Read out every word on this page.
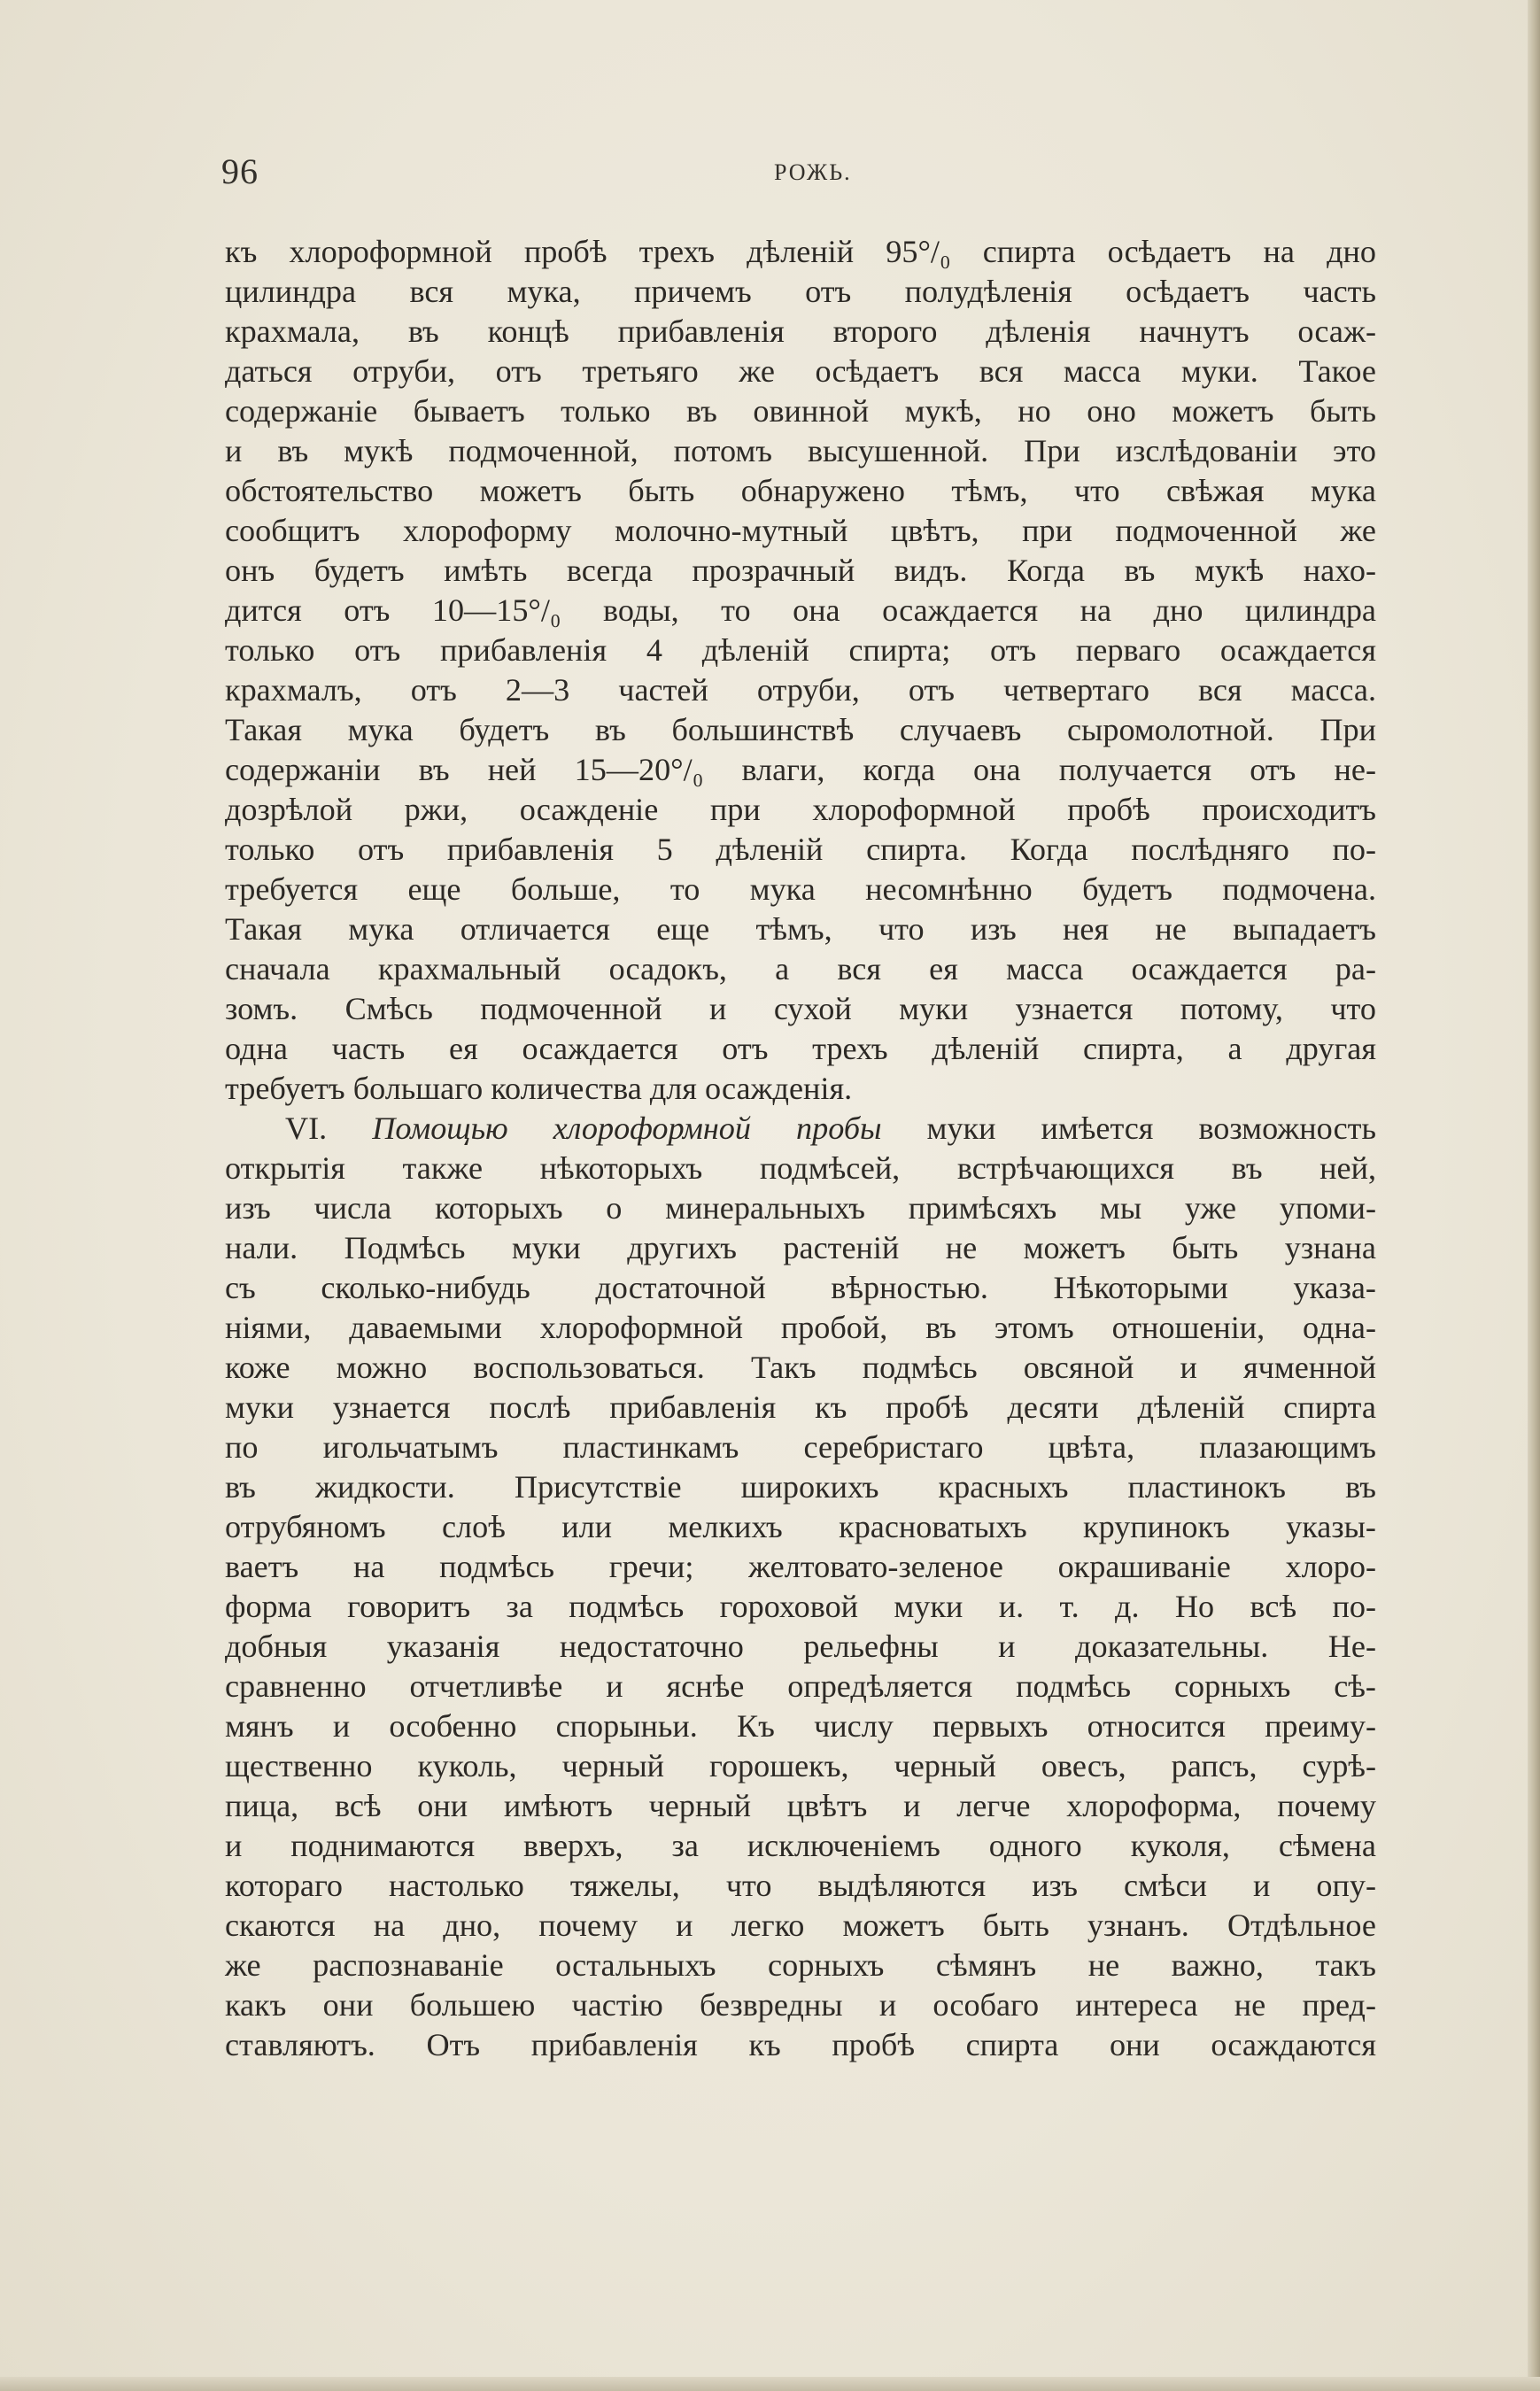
96	РОЖЬ.
къ хлороформной пробѣ трехъ дѣленій 95°/₀ спирта осѣдаетъ на дно
цилиндра вся мука, причемъ отъ полудѣленія осѣдаетъ часть
крахмала, въ концѣ прибавленія второго дѣленія начнутъ осаж-
даться отруби, отъ третьяго же осѣдаетъ вся масса муки. Такое
содержаніе бываетъ только въ овинной мукѣ, но оно можетъ быть
и въ мукѣ подмоченной, потомъ высушенной. При изслѣдованіи это
обстоятельство можетъ быть обнаружено тѣмъ, что свѣжая мука
сообщитъ хлороформу молочно-мутный цвѣтъ, при подмоченной же
онъ будетъ имѣть всегда прозрачный видъ. Когда въ мукѣ нахо-
дится отъ 10—15°/₀ воды, то она осаждается на дно цилиндра
только отъ прибавленія 4 дѣленій спирта; отъ перваго осаждается
крахмалъ, отъ 2—3 частей отруби, отъ четвертаго вся масса.
Такая мука будетъ въ большинствѣ случаевъ сыромолотной. При
содержаніи въ ней 15—20°/₀ влаги, когда она получается отъ не-
дозрѣлой ржи, осажденіе при хлороформной пробѣ происходитъ
только отъ прибавленія 5 дѣленій спирта. Когда послѣдняго по-
требуется еще больше, то мука несомнѣнно будетъ подмочена.
Такая мука отличается еще тѣмъ, что изъ нея не выпадаетъ
сначала крахмальный осадокъ, а вся ея масса осаждается ра-
зомъ. Смѣсь подмоченной и сухой муки узнается потому, что
одна часть ея осаждается отъ трехъ дѣленій спирта, а другая
требуетъ большаго количества для осажденія.
VI. Помощью хлороформной пробы муки имѣется возможность
открытія также нѣкоторыхъ подмѣсей, встрѣчающихся въ ней,
изъ числа которыхъ о минеральныхъ примѣсяхъ мы уже упоми-
нали. Подмѣсь муки другихъ растеній не можетъ быть узнана
съ сколько-нибудь достаточной вѣрностью. Нѣкоторыми указа-
ніями, даваемыми хлороформной пробой, въ этомъ отношеніи, одна-
коже можно воспользоваться. Такъ подмѣсь овсяной и ячменной
муки узнается послѣ прибавленія къ пробѣ десяти дѣленій спирта
по игольчатымъ пластинкамъ серебристаго цвѣта, плазающимъ
въ жидкости. Присутствіе широкихъ красныхъ пластинокъ въ
отрубяномъ слоѣ или мелкихъ красноватыхъ крупинокъ указы-
ваетъ на подмѣсь гречи; желтовато-зеленое окрашиваніе хлоро-
форма говоритъ за подмѣсь гороховой муки и. т. д. Но всѣ по-
добныя указанія недостаточно рельефны и доказательны. Не-
сравненно отчетливѣе и яснѣе опредѣляется подмѣсь сорныхъ сѣ-
мянъ и особенно спорыньи. Къ числу первыхъ относится преиму-
щественно куколь, черный горошекъ, черный овесъ, рапсъ, сурѣ-
пица, всѣ они имѣютъ черный цвѣтъ и легче хлороформа, почему
и поднимаются вверхъ, за исключеніемъ одного куколя, сѣмена
котораго настолько тяжелы, что выдѣляются изъ смѣси и опу-
скаются на дно, почему и легко можетъ быть узнанъ. Отдѣльное
же распознаваніе остальныхъ сорныхъ сѣмянъ не важно, такъ
какъ они большею частію безвредны и особаго интереса не пред-
ставляютъ. Отъ прибавленія къ пробѣ спирта они осаждаются
